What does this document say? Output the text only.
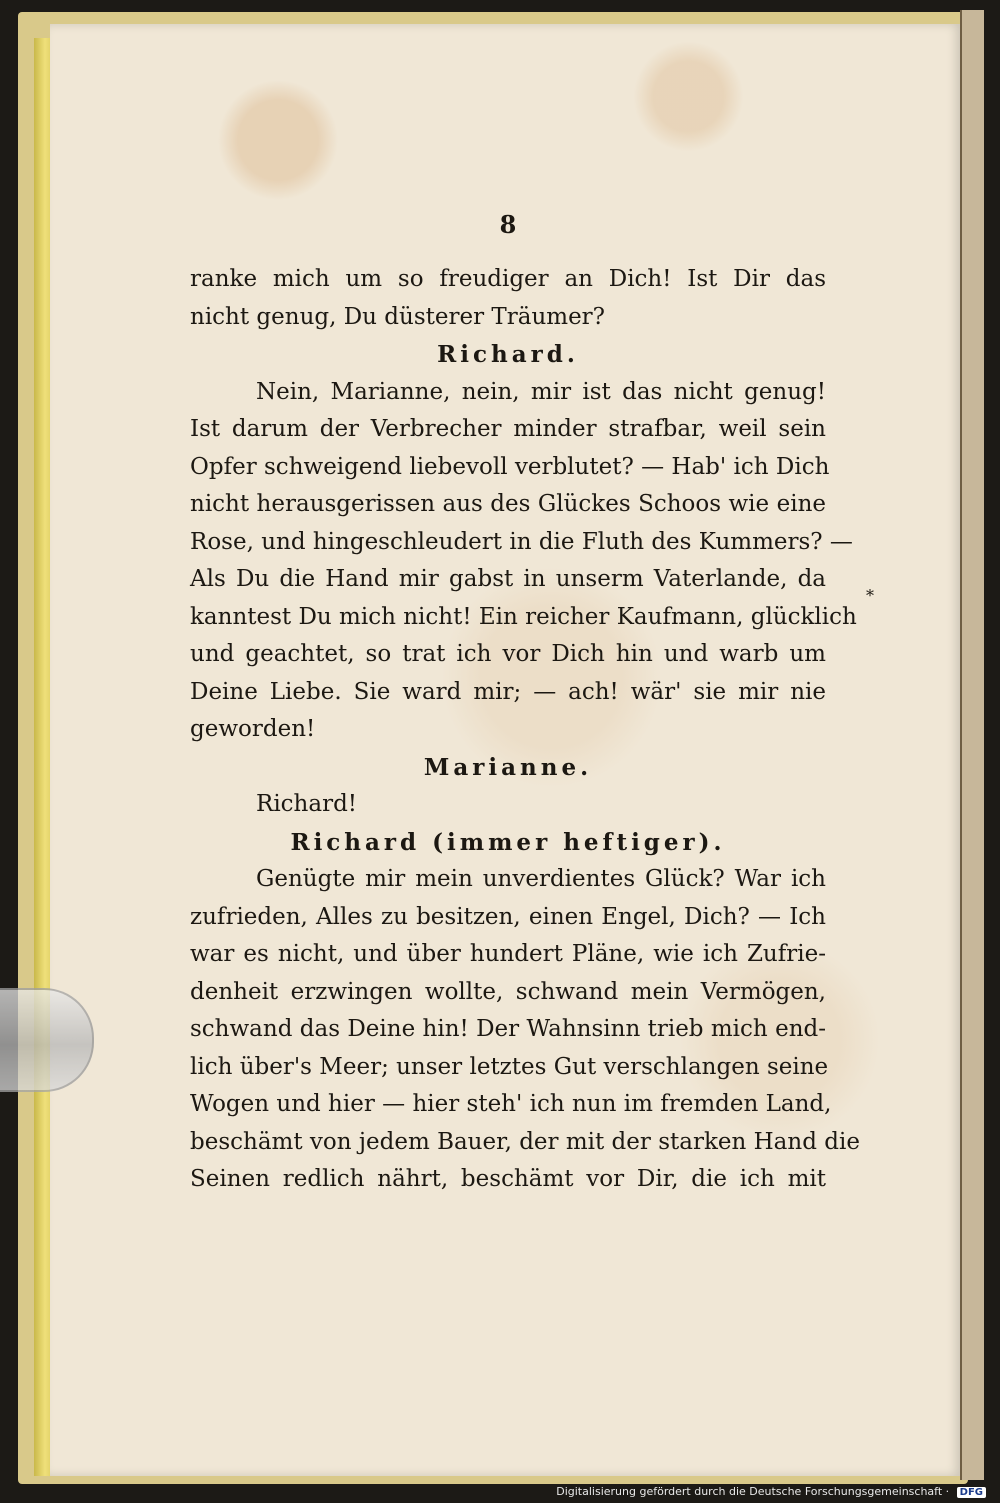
8

ranke mich um so freudiger an Dich! Ist Dir das

nicht genug, Du düsterer Träumer?

Richard.

Nein, Marianne, nein, mir ist das nicht genug!

Ist darum der Verbrecher minder strafbar, weil sein

Opfer schweigend liebevoll verblutet? — Hab' ich Dich

nicht herausgerissen aus des Glückes Schoos wie eine

Rose, und hingeschleudert in die Fluth des Kummers? —

Als Du die Hand mir gabst in unserm Vaterlande, da

kanntest Du mich nicht! Ein reicher Kaufmann, glücklich

und geachtet, so trat ich vor Dich hin und warb um

Deine Liebe. Sie ward mir; — ach! wär' sie mir nie

geworden!

Marianne.

Richard!

Richard (immer heftiger).

Genügte mir mein unverdientes Glück? War ich

zufrieden, Alles zu besitzen, einen Engel, Dich? — Ich

war es nicht, und über hundert Pläne, wie ich Zufrie-

denheit erzwingen wollte, schwand mein Vermögen,

schwand das Deine hin! Der Wahnsinn trieb mich end-

lich über's Meer; unser letztes Gut verschlangen seine

Wogen und hier — hier steh' ich nun im fremden Land,

beschämt von jedem Bauer, der mit der starken Hand die

Seinen redlich nährt, beschämt vor Dir, die ich mit

*
Digitalisierung gefördert durch die Deutsche Forschungsgemeinschaft · DFG
